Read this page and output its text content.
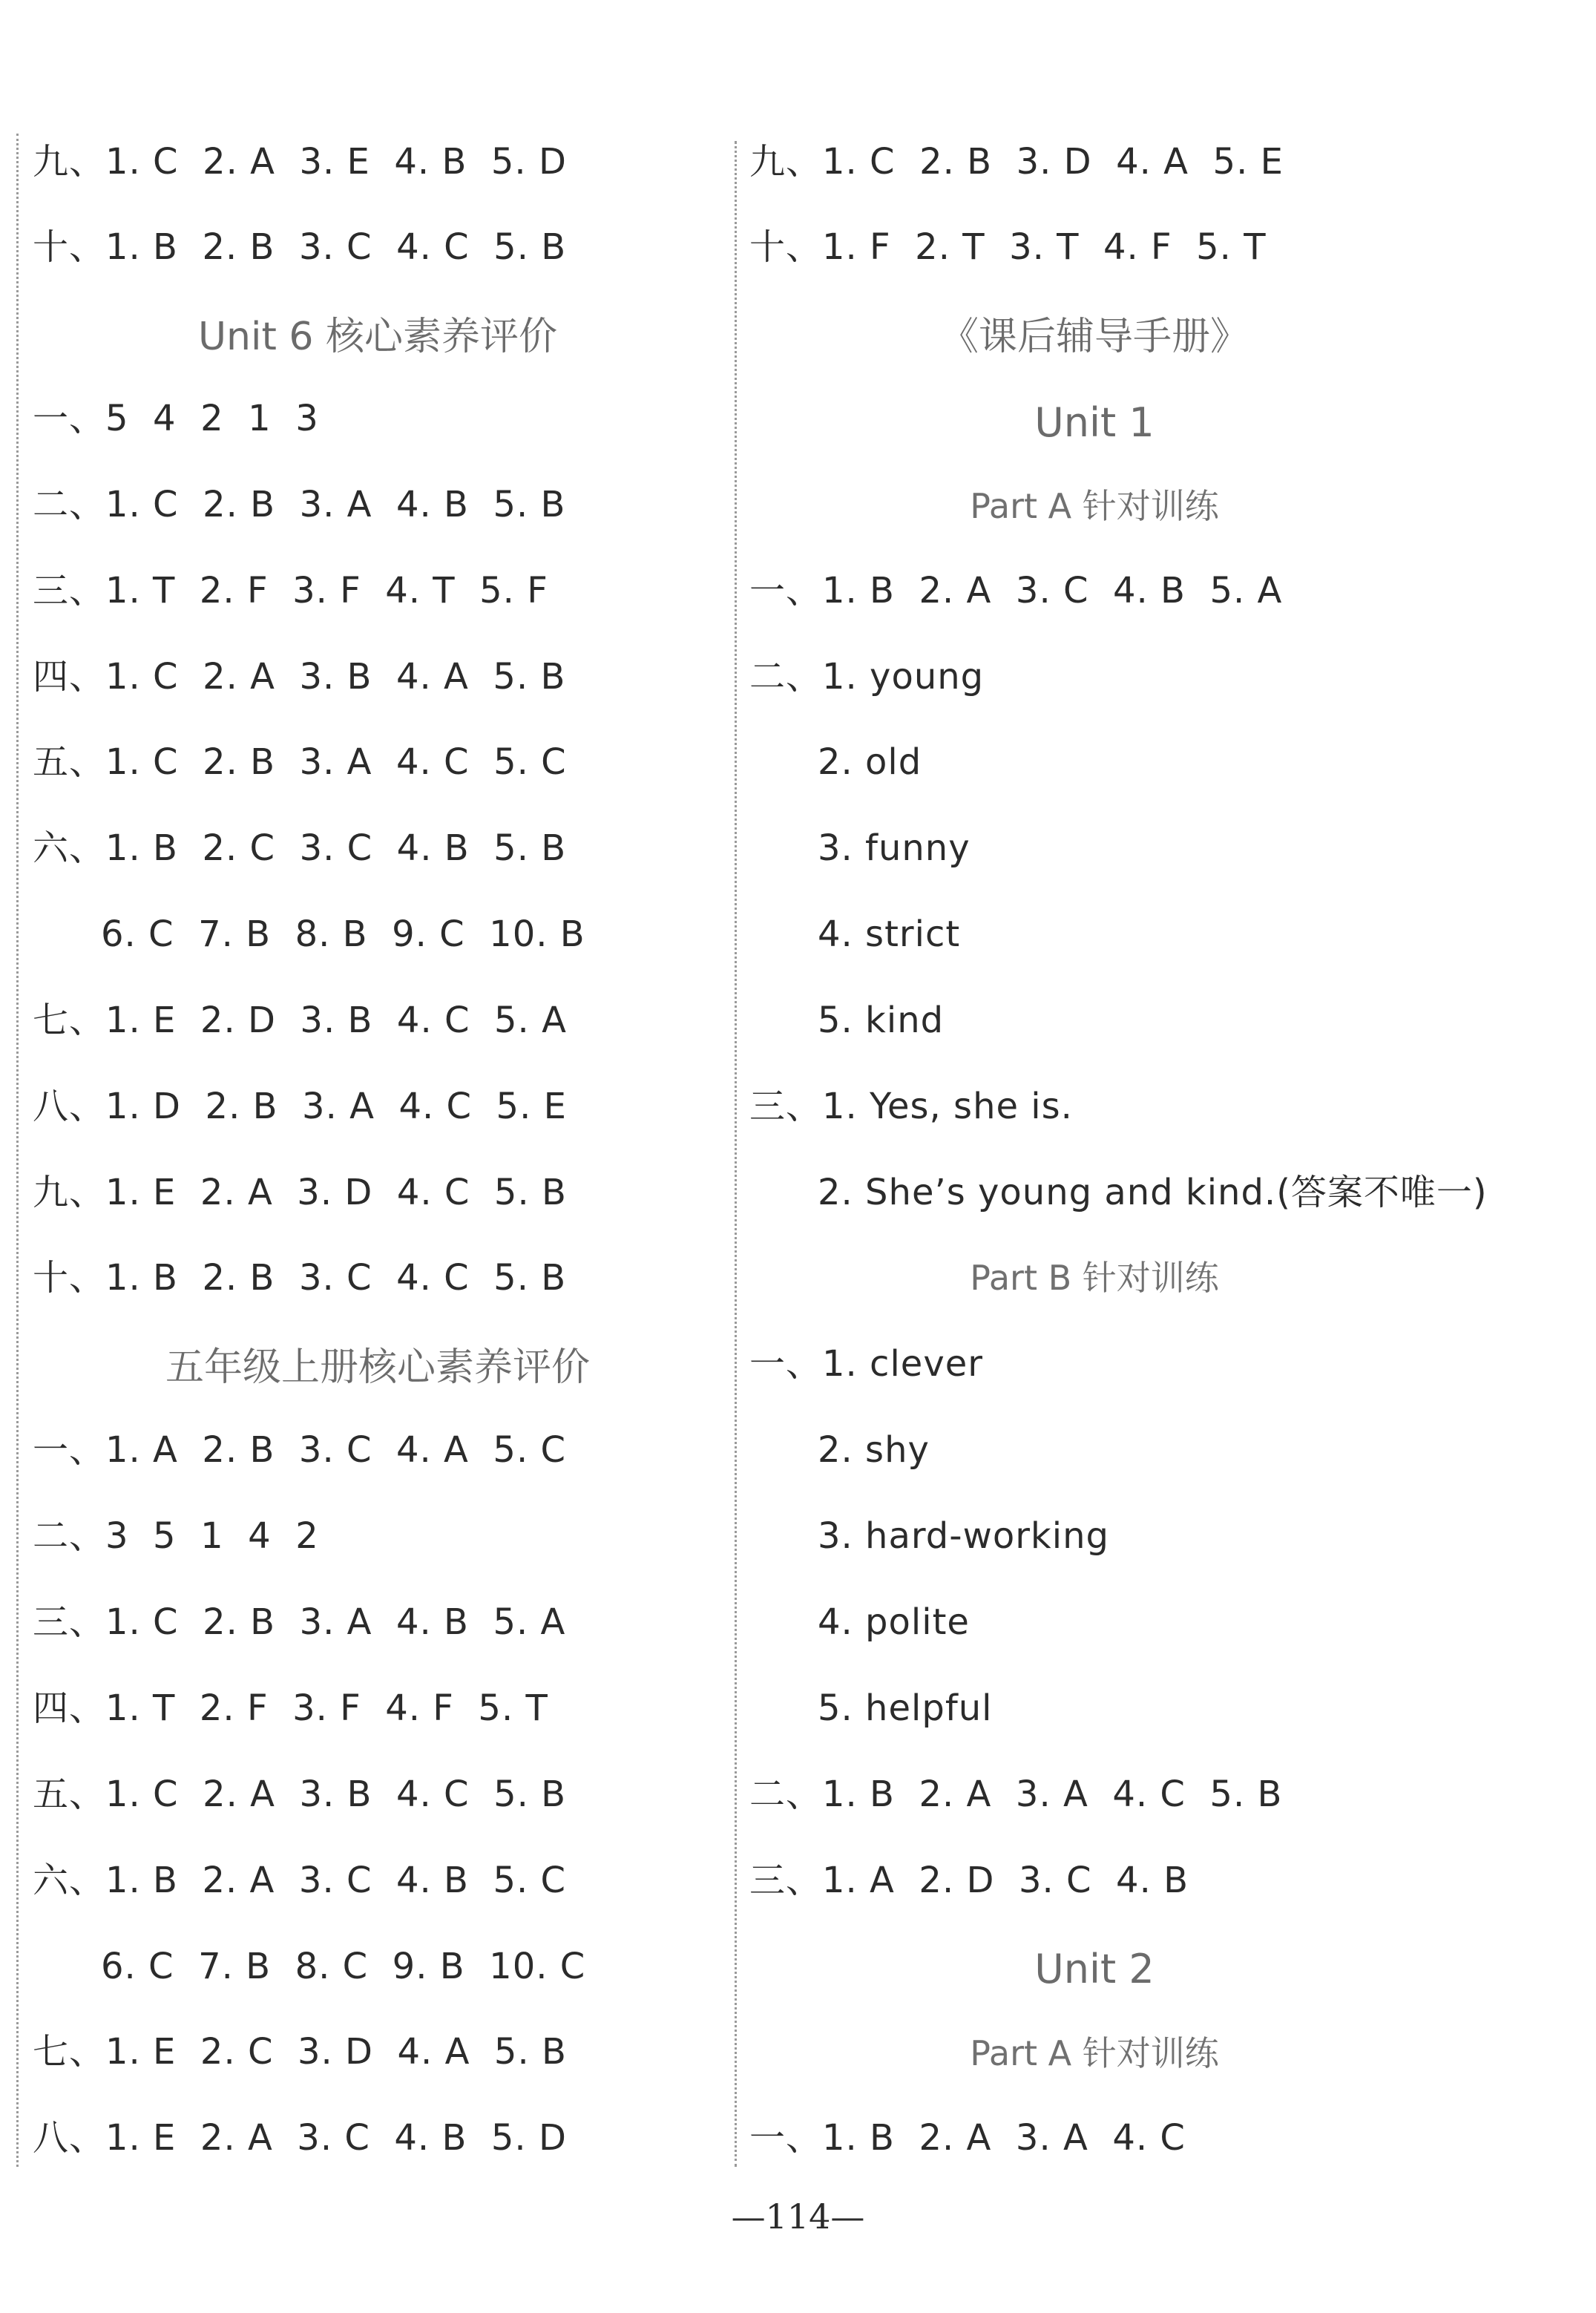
九、1. C  2. A  3. E  4. B  5. D
十、1. B  2. B  3. C  4. C  5. B
Unit 6 核心素养评价
一、5  4  2  1  3
二、1. C  2. B  3. A  4. B  5. B
三、1. T  2. F  3. F  4. T  5. F
四、1. C  2. A  3. B  4. A  5. B
五、1. C  2. B  3. A  4. C  5. C
六、1. B  2. C  3. C  4. B  5. B
6. C  7. B  8. B  9. C  10. B
七、1. E  2. D  3. B  4. C  5. A
八、1. D  2. B  3. A  4. C  5. E
九、1. E  2. A  3. D  4. C  5. B
十、1. B  2. B  3. C  4. C  5. B
五年级上册核心素养评价
一、1. A  2. B  3. C  4. A  5. C
二、3  5  1  4  2
三、1. C  2. B  3. A  4. B  5. A
四、1. T  2. F  3. F  4. F  5. T
五、1. C  2. A  3. B  4. C  5. B
六、1. B  2. A  3. C  4. B  5. C
6. C  7. B  8. C  9. B  10. C
七、1. E  2. C  3. D  4. A  5. B
八、1. E  2. A  3. C  4. B  5. D
九、1. C  2. B  3. D  4. A  5. E
十、1. F  2. T  3. T  4. F  5. T
《课后辅导手册》
Unit 1
Part A 针对训练
一、1. B  2. A  3. C  4. B  5. A
二、1. young
2. old
3. funny
4. strict
5. kind
三、1. Yes, she is.
2. She’s young and kind.(答案不唯一)
Part B 针对训练
一、1. clever
2. shy
3. hard-working
4. polite
5. helpful
二、1. B  2. A  3. A  4. C  5. B
三、1. A  2. D  3. C  4. B
Unit 2
Part A 针对训练
一、1. B  2. A  3. A  4. C
—114—
